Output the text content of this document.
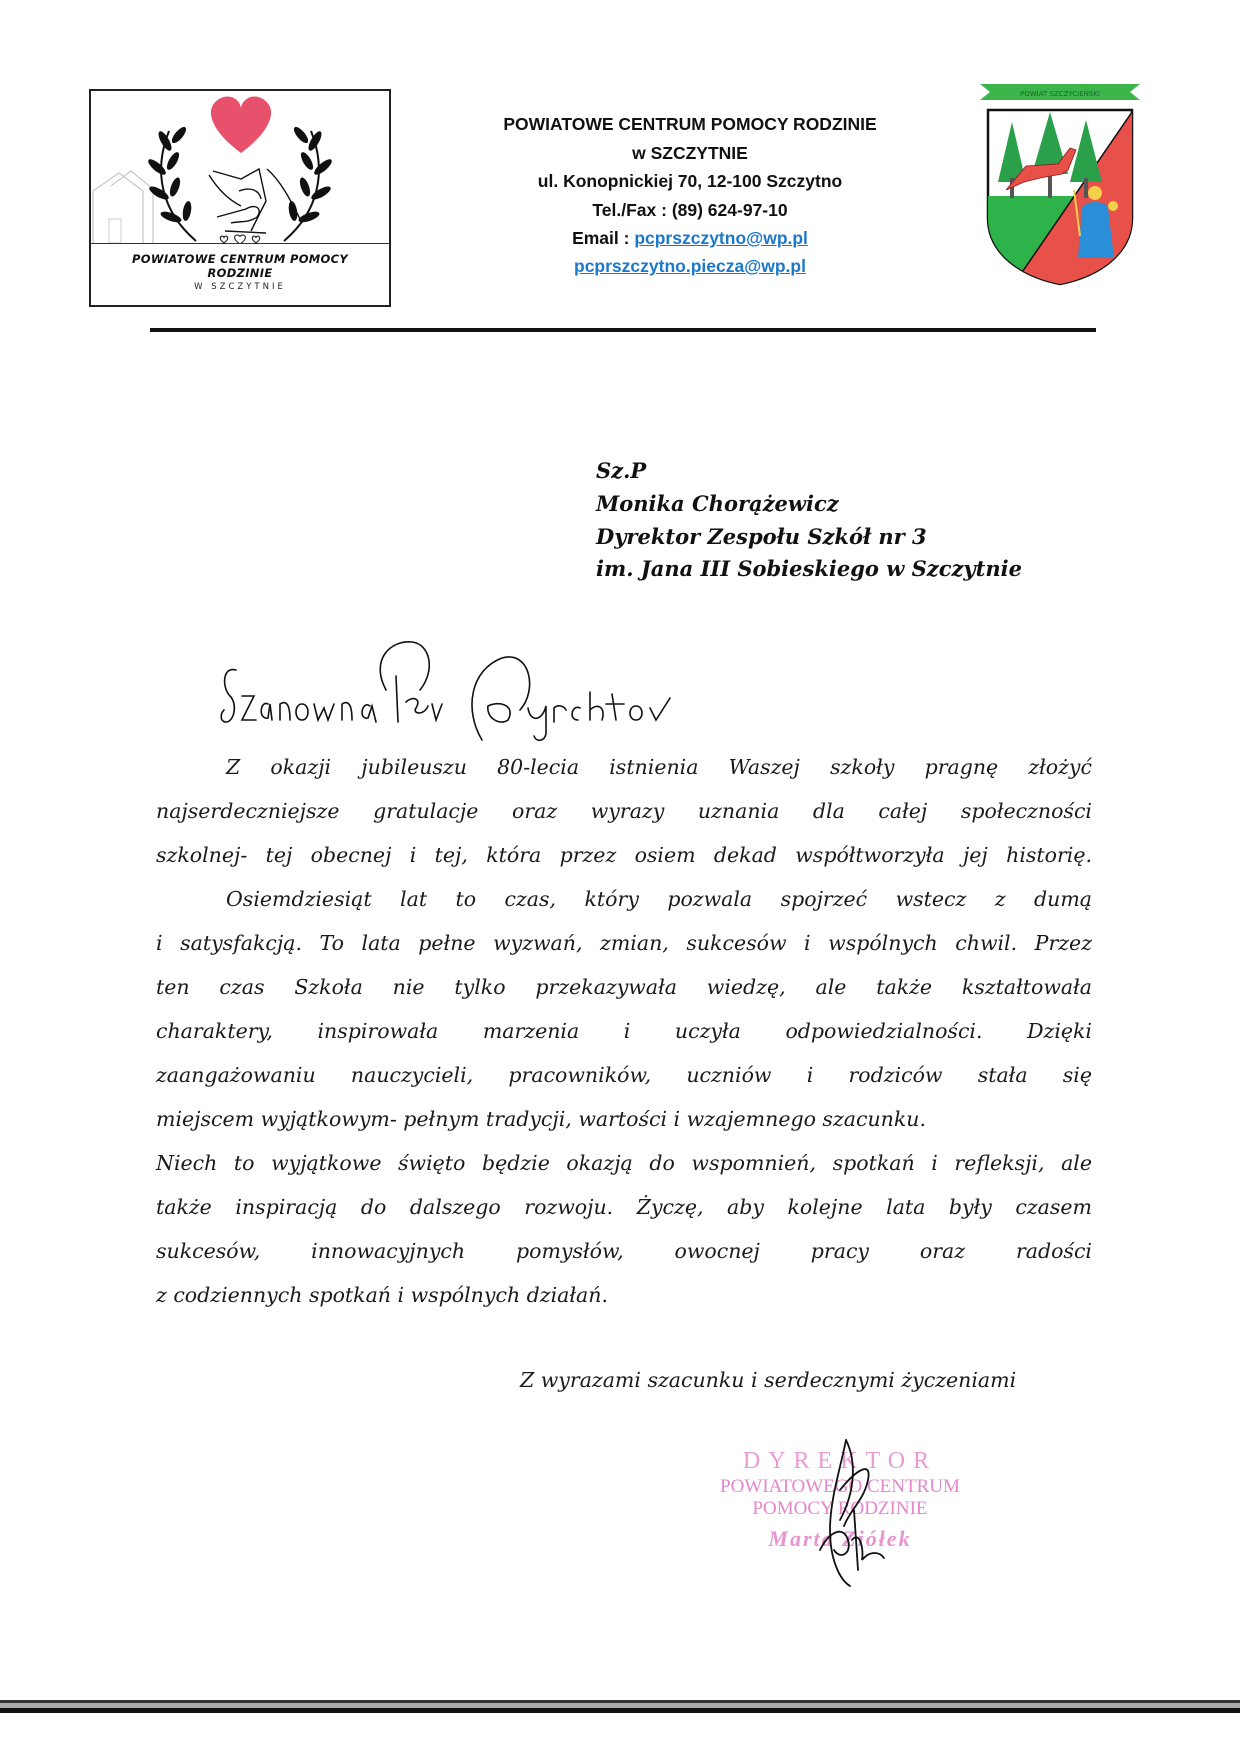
POWIATOWE CENTRUM POMOCY
RODZINIE
W SZCZYTNIE
POWIATOWE CENTRUM POMOCY RODZINIE
w SZCZYTNIE
ul. Konopnickiej 70, 12-100 Szczytno
Tel./Fax : (89) 624-97-10
Email : pcprszczytno@wp.pl
pcprszczytno.piecza@wp.pl
POWIAT SZCZYCIEŃSKI
Sz.P
Monika Chorążewicz
Dyrektor Zespołu Szkół nr 3
im. Jana III Sobieskiego w Szczytnie
Z okazji jubileuszu 80-lecia istnienia Waszej szkoły pragnę złożyć
najserdeczniejsze gratulacje oraz wyrazy uznania dla całej społeczności
szkolnej- tej obecnej i tej, która przez osiem dekad współtworzyła jej historię.
Osiemdziesiąt lat to czas, który pozwala spojrzeć wstecz z dumą
i satysfakcją. To lata pełne wyzwań, zmian, sukcesów i wspólnych chwil. Przez
ten czas Szkoła nie tylko przekazywała wiedzę, ale także kształtowała
charaktery, inspirowała marzenia i uczyła odpowiedzialności. Dzięki
zaangażowaniu nauczycieli, pracowników, uczniów i rodziców stała się
miejscem wyjątkowym- pełnym tradycji, wartości i wzajemnego szacunku.
Niech to wyjątkowe święto będzie okazją do wspomnień, spotkań i refleksji, ale
także inspiracją do dalszego rozwoju. Życzę, aby kolejne lata były czasem
sukcesów, innowacyjnych pomysłów, owocnej pracy oraz radości
z codziennych spotkań i wspólnych działań.
Z wyrazami szacunku i serdecznymi życzeniami
DYREKTOR
POWIATOWEGO CENTRUM
POMOCY RODZINIE
Marta Ziółek
